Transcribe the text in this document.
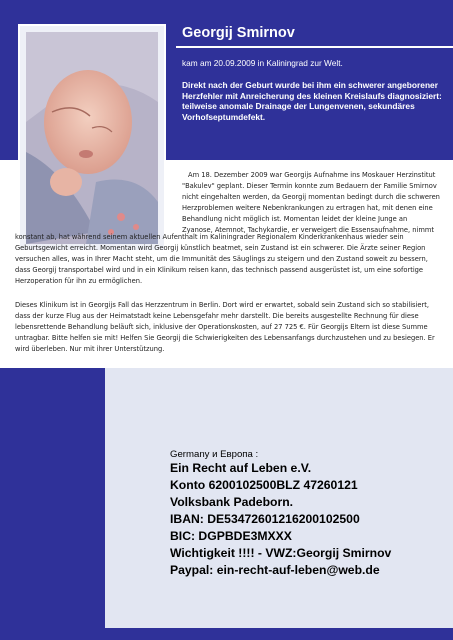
Georgij Smirnov
kam am 20.09.2009 in Kaliningrad zur Welt.
Direkt nach der Geburt wurde bei ihm ein schwerer angeborener Herzfehler mit Anreicherung des kleinen Kreislaufs diagnosiziert: teilweise anomale Drainage der Lungenvenen, sekundäres Vorhofseptumdefekt.
Am 18. Dezember 2009 war Georgijs Aufnahme ins Moskauer Herzinstitut "Bakulev" geplant. Dieser Termin konnte zum Bedauern der Familie Smirnov nicht eingehalten werden, da Georgij momentan bedingt durch die schweren Herzproblemen weitere Nebenkrankungen zu ertragen hat, mit denen eine Behandlung nicht möglich ist. Momentan leidet der kleine Junge an Zyanose, Atemnot, Tachykardie, er verweigert die Essensaufnahme, nimmt
konstant ab, hat während seinem aktuellen Aufenthalt im Kaliningrader Regionalem Kinderkrankenhaus wieder sein Geburtsgewicht erreicht. Momentan wird Georgij künstlich beatmet, sein Zustand ist ein schwerer. Die Ärzte seiner Region versuchen alles, was in Ihrer Macht steht, um die Immunität des Säuglings zu steigern und den Zustand soweit zu bessern, dass Georgij transportabel wird und in ein Klinikum reisen kann, das technisch passend ausgerüstet ist, um eine sofortige Herzoperation für ihn zu ermöglichen.
Dieses Klinikum ist in Georgijs Fall das Herzzentrum in Berlin. Dort wird er erwartet, sobald sein Zustand sich so stabilisiert, dass der kurze Flug aus der Heimatstadt keine Lebensgefahr mehr darstellt. Die bereits ausgestellte Rechnung für diese lebensrettende Behandlung beläuft sich, inklusive der Operationskosten, auf 27 725 €. Für Georgijs Eltern ist diese Summe untragbar. Bitte helfen sie mit! Helfen Sie Georgij die Schwierigkeiten des Lebensanfangs durchzustehen und zu besiegen. Er wird überleben. Nur mit ihrer Unterstützung.
Germany и Европа :
Ein Recht auf Leben e.V.
Konto 6200102500BLZ 47260121
Volksbank Padeborn.
IBAN: DE53472601216200102500
BIC: DGPBDE3MXXX
Wichtigkeit !!!! - VWZ:Georgij Smirnov
Paypal: ein-recht-auf-leben@web.de
